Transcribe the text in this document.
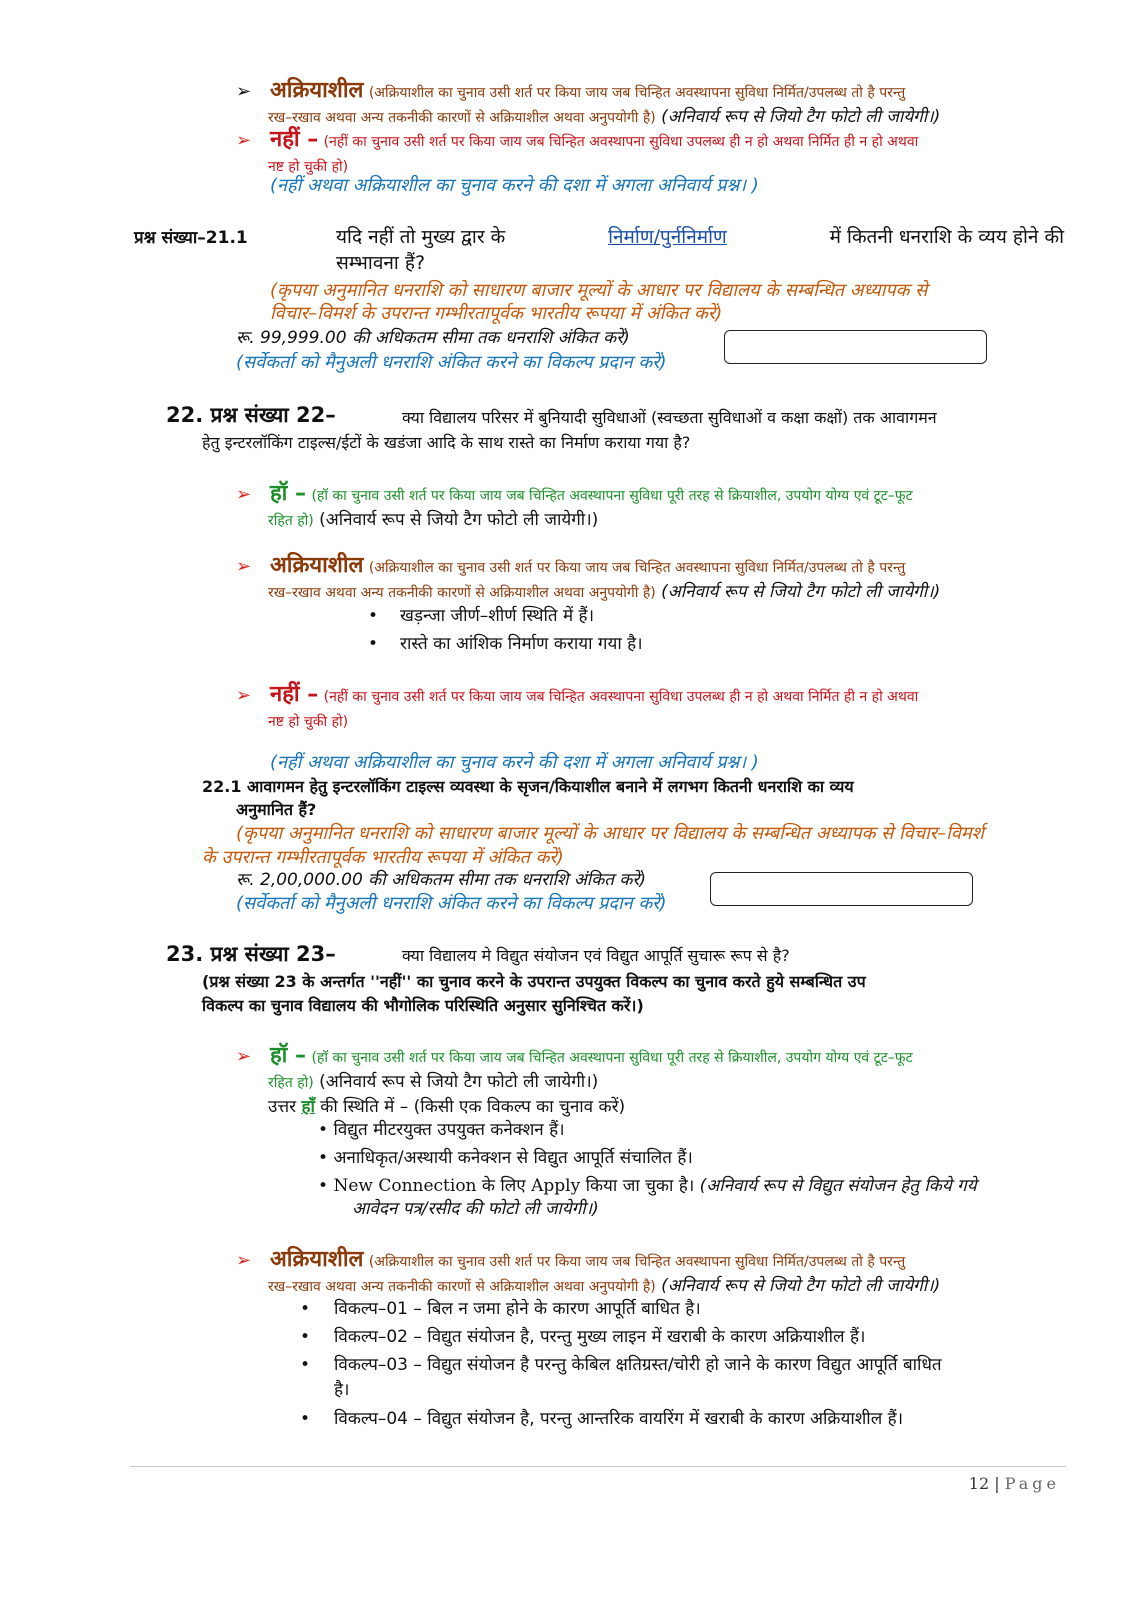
➢ अक्रियाशील (अक्रियाशील का चुनाव उसी शर्त पर किया जाय जब चिन्हित अवस्थापना सुविधा निर्मित/उपलब्ध तो है परन्तु

रख–रखाव अथवा अन्य तकनीकी कारणों से अक्रियाशील अथवा अनुपयोगी है) (अनिवार्य रूप से जियो टैग फोटो ली जायेगी।)

➢ नहीं – (नहीं का चुनाव उसी शर्त पर किया जाय जब चिन्हित अवस्थापना सुविधा उपलब्ध ही न हो अथवा निर्मित ही न हो अथवा

नष्ट हो चुकी हो)

(नहीं अथवा अक्रियाशील का चुनाव करने की दशा में अगला अनिवार्य प्रश्न। )

प्रश्न संख्या–21.1	यदि नहीं तो मुख्य द्वार के	निर्माण/पुर्ननिर्माण	में कितनी धनराशि के व्यय होने की

सम्भावना हैं?

(कृपया अनुमानित धनराशि को साधारण बाजार मूल्यों के आधार पर विद्यालय के सम्बन्धित अध्यापक से

विचार–विमर्श के उपरान्त गम्भीरतापूर्वक भारतीय रूपया में अंकित करें)

रू. 99,999.00 की अधिकतम सीमा तक धनराशि अंकित करें)

(सर्वेकर्ता को मैनुअली धनराशि अंकित करने का विकल्प प्रदान करें)

22. प्रश्न संख्या 22–	क्या विद्यालय परिसर में बुनियादी सुविधाओं (स्वच्छता सुविधाओं व कक्षा कक्षों) तक आवागमन

हेतु इन्टरलॉकिंग टाइल्स/ईटों के खडंजा आदि के साथ रास्ते का निर्माण कराया गया है?

➢ हॉ – (हॉ का चुनाव उसी शर्त पर किया जाय जब चिन्हित अवस्थापना सुविधा पूरी तरह से क्रियाशील, उपयोग योग्य एवं टूट–फूट

रहित हो) (अनिवार्य रूप से जियो टैग फोटो ली जायेगी।)

➢ अक्रियाशील (अक्रियाशील का चुनाव उसी शर्त पर किया जाय जब चिन्हित अवस्थापना सुविधा निर्मित/उपलब्ध तो है परन्तु

रख–रखाव अथवा अन्य तकनीकी कारणों से अक्रियाशील अथवा अनुपयोगी है) (अनिवार्य रूप से जियो टैग फोटो ली जायेगी।)

• खड़न्जा जीर्ण–शीर्ण स्थिति में हैं।

• रास्ते का आंशिक निर्माण कराया गया है।

➢ नहीं – (नहीं का चुनाव उसी शर्त पर किया जाय जब चिन्हित अवस्थापना सुविधा उपलब्ध ही न हो अथवा निर्मित ही न हो अथवा

नष्ट हो चुकी हो)

(नहीं अथवा अक्रियाशील का चुनाव करने की दशा में अगला अनिवार्य प्रश्न। )

22.1 आवागमन हेतु इन्टरलॉकिंग टाइल्स व्यवस्था के सृजन/कियाशील बनाने में लगभग कितनी धनराशि का व्यय

अनुमानित हैं?

(कृपया अनुमानित धनराशि को साधारण बाजार मूल्यों के आधार पर विद्यालय के सम्बन्धित अध्यापक से विचार–विमर्श

के उपरान्त गम्भीरतापूर्वक भारतीय रूपया में अंकित करें)

रू. 2,00,000.00 की अधिकतम सीमा तक धनराशि अंकित करें)

(सर्वेकर्ता को मैनुअली धनराशि अंकित करने का विकल्प प्रदान करें)

23. प्रश्न संख्या 23–	क्या विद्यालय मे विद्युत संयोजन एवं विद्युत आपूर्ति सुचारू रूप से है?

(प्रश्न संख्या 23 के अन्तर्गत ''नहीं'' का चुनाव करने के उपरान्त उपयुक्त विकल्प का चुनाव करते हुये सम्बन्धित उप

विकल्प का चुनाव विद्यालय की भौगोलिक परिस्थिति अनुसार सुनिश्चित करें।)

➢ हॉ – (हॉ का चुनाव उसी शर्त पर किया जाय जब चिन्हित अवस्थापना सुविधा पूरी तरह से क्रियाशील, उपयोग योग्य एवं टूट–फूट

रहित हो) (अनिवार्य रूप से जियो टैग फोटो ली जायेगी।)

उत्तर हॉं की स्थिति में – (किसी एक विकल्प का चुनाव करें)

• विद्युत मीटरयुक्त उपयुक्त कनेक्शन हैं।

• अनाधिकृत/अस्थायी कनेक्शन से विद्युत आपूर्ति संचालित हैं।

• New Connection के लिए Apply किया जा चुका है। (अनिवार्य रूप से विद्युत संयोजन हेतु किये गये

आवेदन पत्र/रसीद की फोटो ली जायेगी।)

➢ अक्रियाशील (अक्रियाशील का चुनाव उसी शर्त पर किया जाय जब चिन्हित अवस्थापना सुविधा निर्मित/उपलब्ध तो है परन्तु

रख–रखाव अथवा अन्य तकनीकी कारणों से अक्रियाशील अथवा अनुपयोगी है) (अनिवार्य रूप से जियो टैग फोटो ली जायेगी।)

• विकल्प–01 – बिल न जमा होने के कारण आपूर्ति बाधित है।

• विकल्प–02 – विद्युत संयोजन है, परन्तु मुख्य लाइन में खराबी के कारण अक्रियाशील हैं।

• विकल्प–03 – विद्युत संयोजन है परन्तु केबिल क्षतिग्रस्त/चोरी हो जाने के कारण विद्युत आपूर्ति बाधित

है।

• विकल्प–04 – विद्युत संयोजन है, परन्तु आन्तरिक वायरिंग में खराबी के कारण अक्रियाशील हैं।

12 | Page
